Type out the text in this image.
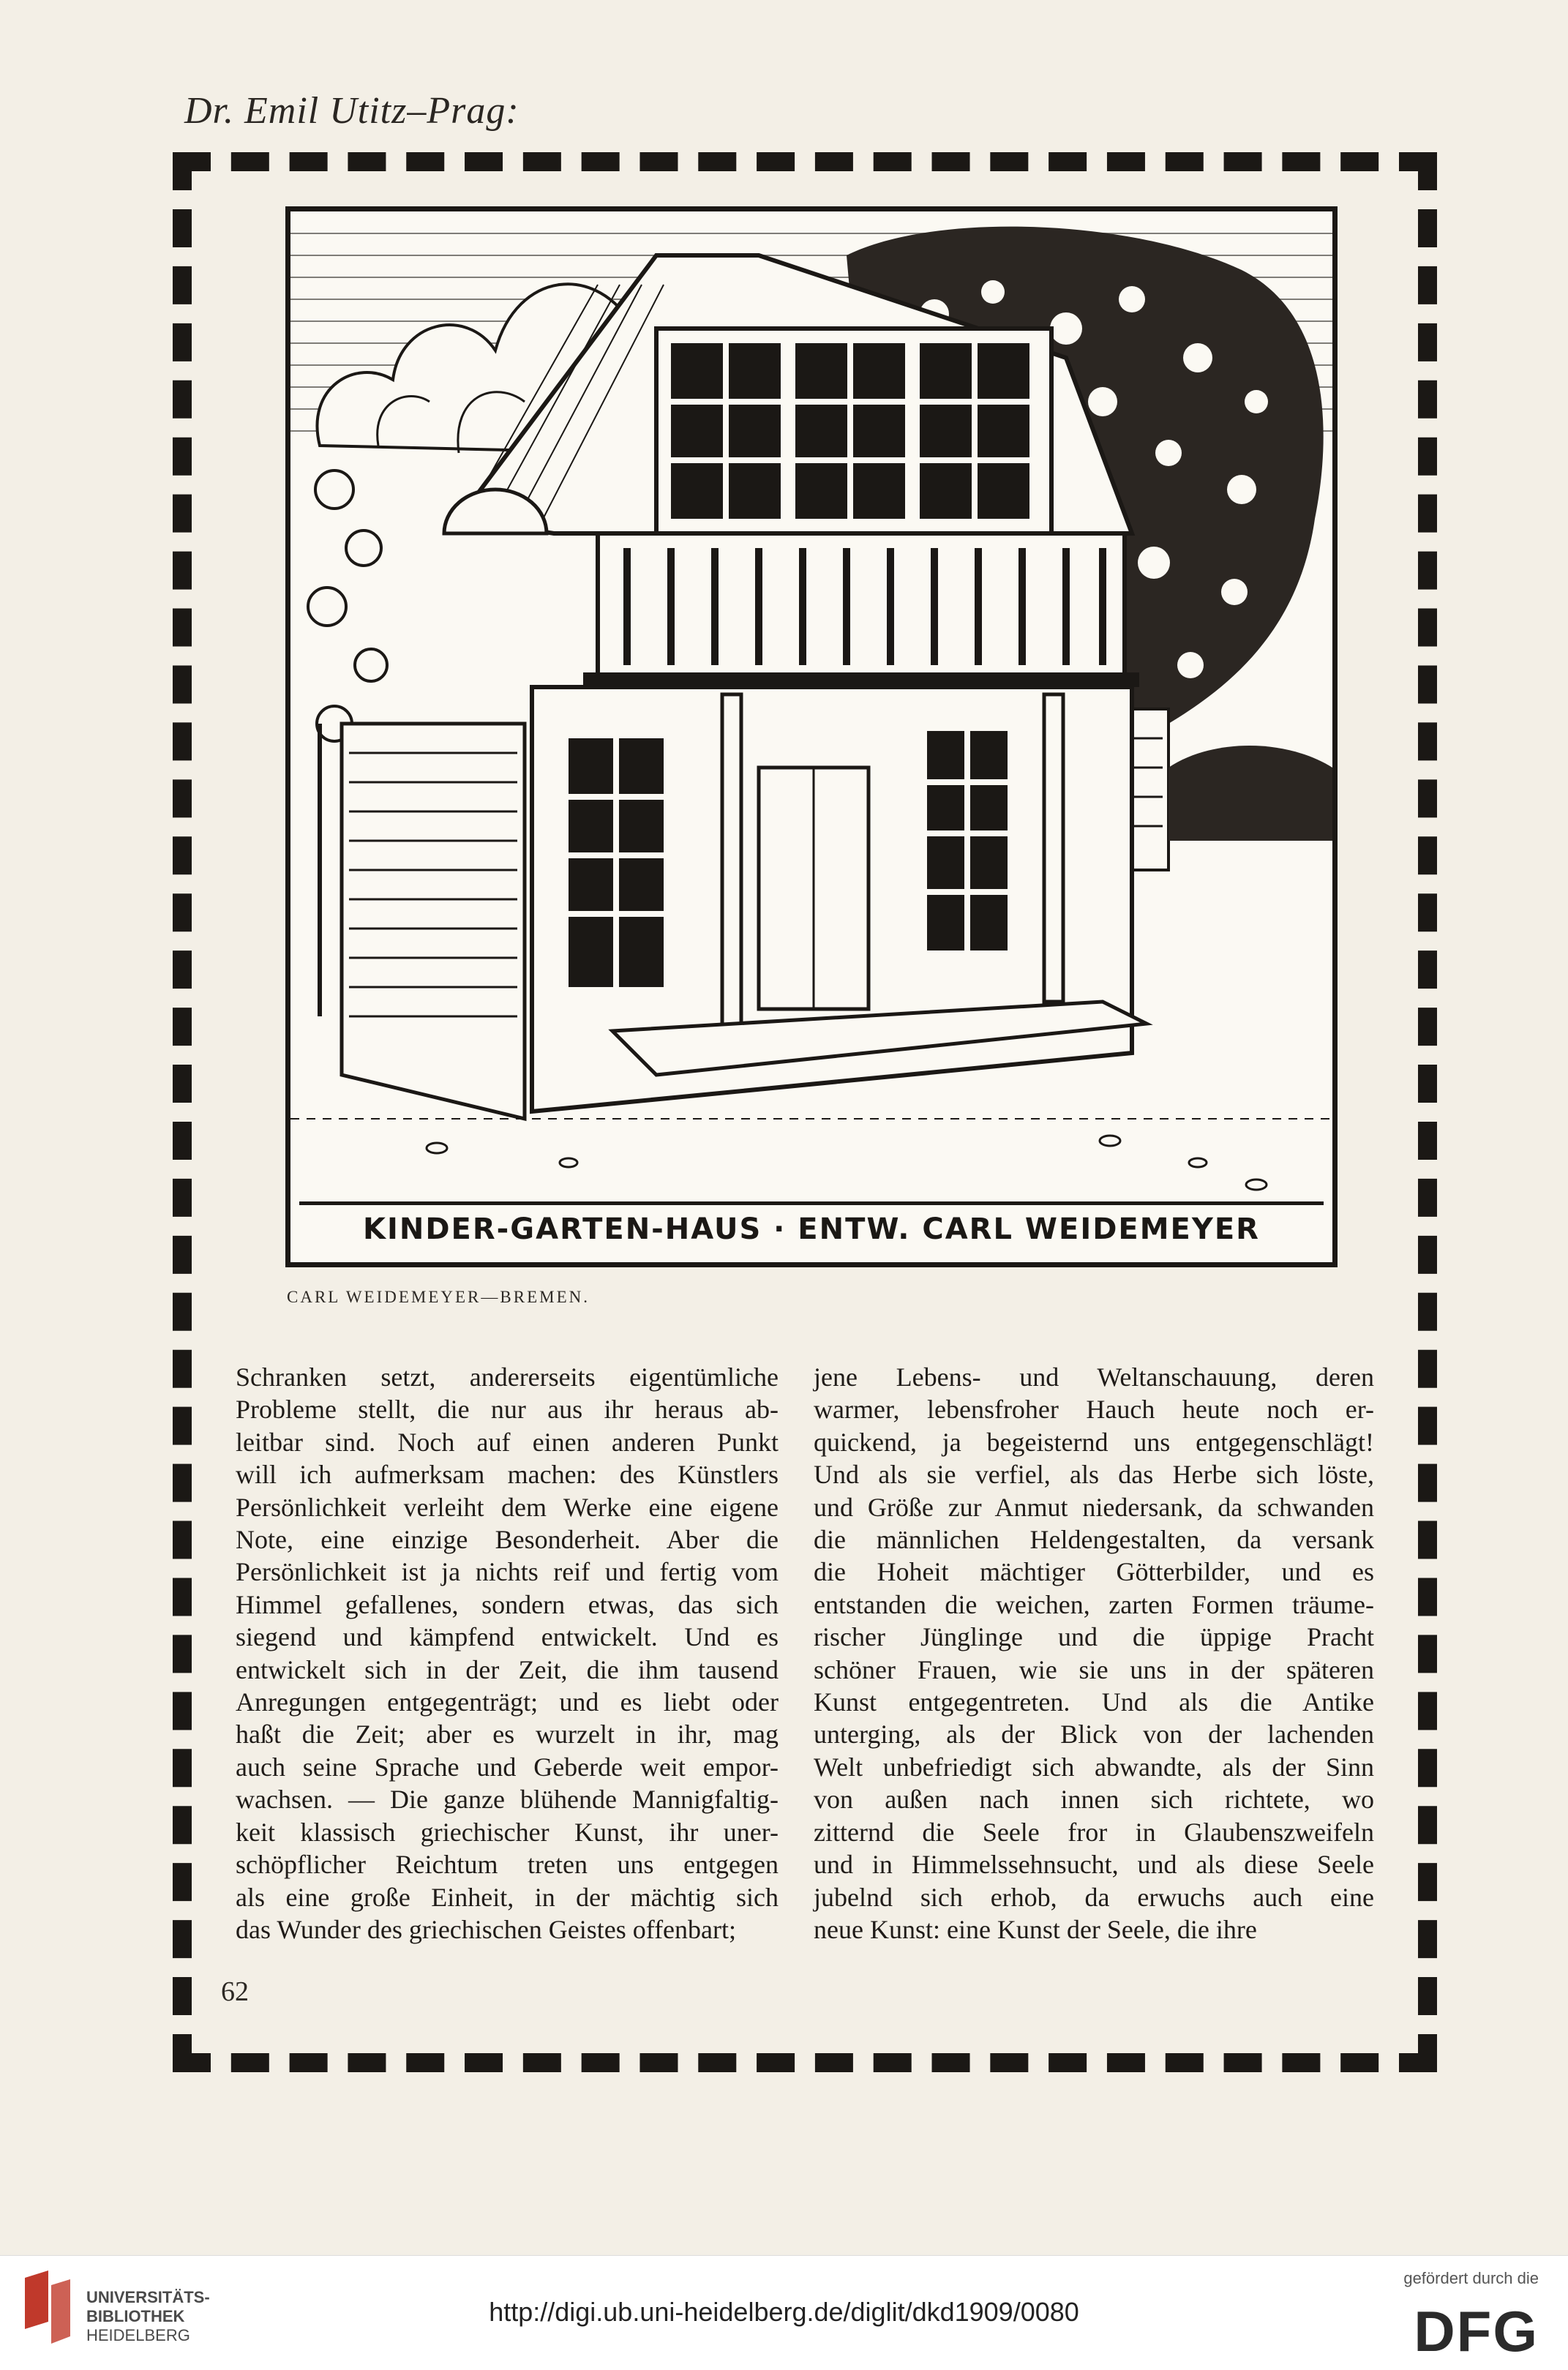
Dr. Emil Utitz–Prag:
KINDER-GARTEN-HAUS · ENTW. CARL WEIDEMEYER
CARL WEIDEMEYER—BREMEN.
Schranken setzt, andererseits eigentümliche
Probleme stellt, die nur aus ihr heraus ab-
leitbar sind. Noch auf einen anderen Punkt
will ich aufmerksam machen: des Künstlers
Persönlichkeit verleiht dem Werke eine eigene
Note, eine einzige Besonderheit. Aber die
Persönlichkeit ist ja nichts reif und fertig vom
Himmel gefallenes, sondern etwas, das sich
siegend und kämpfend entwickelt. Und es
entwickelt sich in der Zeit, die ihm tausend
Anregungen entgegenträgt; und es liebt oder
haßt die Zeit; aber es wurzelt in ihr, mag
auch seine Sprache und Geberde weit empor-
wachsen. — Die ganze blühende Mannigfaltig-
keit klassisch griechischer Kunst, ihr uner-
schöpflicher Reichtum treten uns entgegen
als eine große Einheit, in der mächtig sich
das Wunder des griechischen Geistes offenbart;
jene Lebens- und Weltanschauung, deren
warmer, lebensfroher Hauch heute noch er-
quickend, ja begeisternd uns entgegenschlägt!
Und als sie verfiel, als das Herbe sich löste,
und Größe zur Anmut niedersank, da schwanden
die männlichen Heldengestalten, da versank
die Hoheit mächtiger Götterbilder, und es
entstanden die weichen, zarten Formen träume-
rischer Jünglinge und die üppige Pracht
schöner Frauen, wie sie uns in der späteren
Kunst entgegentreten. Und als die Antike
unterging, als der Blick von der lachenden
Welt unbefriedigt sich abwandte, als der Sinn
von außen nach innen sich richtete, wo
zitternd die Seele fror in Glaubenszweifeln
und in Himmelssehnsucht, und als diese Seele
jubelnd sich erhob, da erwuchs auch eine
neue Kunst: eine Kunst der Seele, die ihre
62
UNIVERSITÄTS-
BIBLIOTHEK
HEIDELBERG
http://digi.ub.uni-heidelberg.de/diglit/dkd1909/0080
gefördert durch die
DFG
